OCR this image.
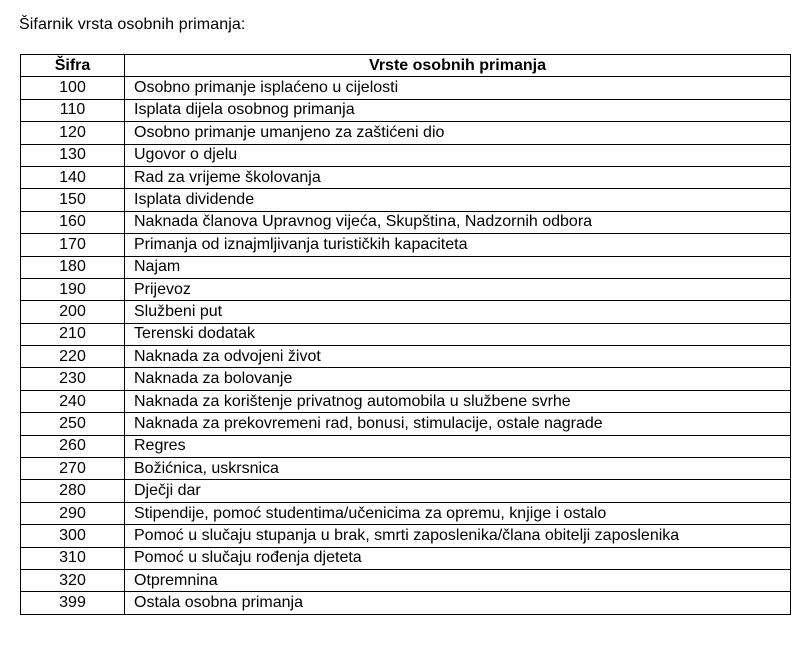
Šifarnik vrsta osobnih primanja:
Šifra	Vrste osobnih primanja
100	Osobno primanje isplaćeno u cijelosti
110	Isplata dijela osobnog primanja
120	Osobno primanje umanjeno za zaštićeni dio
130	Ugovor o djelu
140	Rad za vrijeme školovanja
150	Isplata dividende
160	Naknada članova Upravnog vijeća, Skupština, Nadzornih odbora
170	Primanja od iznajmljivanja turističkih kapaciteta
180	Najam
190	Prijevoz
200	Službeni put
210	Terenski dodatak
220	Naknada za odvojeni život
230	Naknada za bolovanje
240	Naknada za korištenje privatnog automobila u službene svrhe
250	Naknada za prekovremeni rad, bonusi, stimulacije, ostale nagrade
260	Regres
270	Božićnica, uskrsnica
280	Dječji dar
290	Stipendije, pomoć studentima/učenicima za opremu, knjige i ostalo
300	Pomoć u slučaju stupanja u brak, smrti zaposlenika/člana obitelji zaposlenika
310	Pomoć u slučaju rođenja djeteta
320	Otpremnina
399	Ostala osobna primanja
